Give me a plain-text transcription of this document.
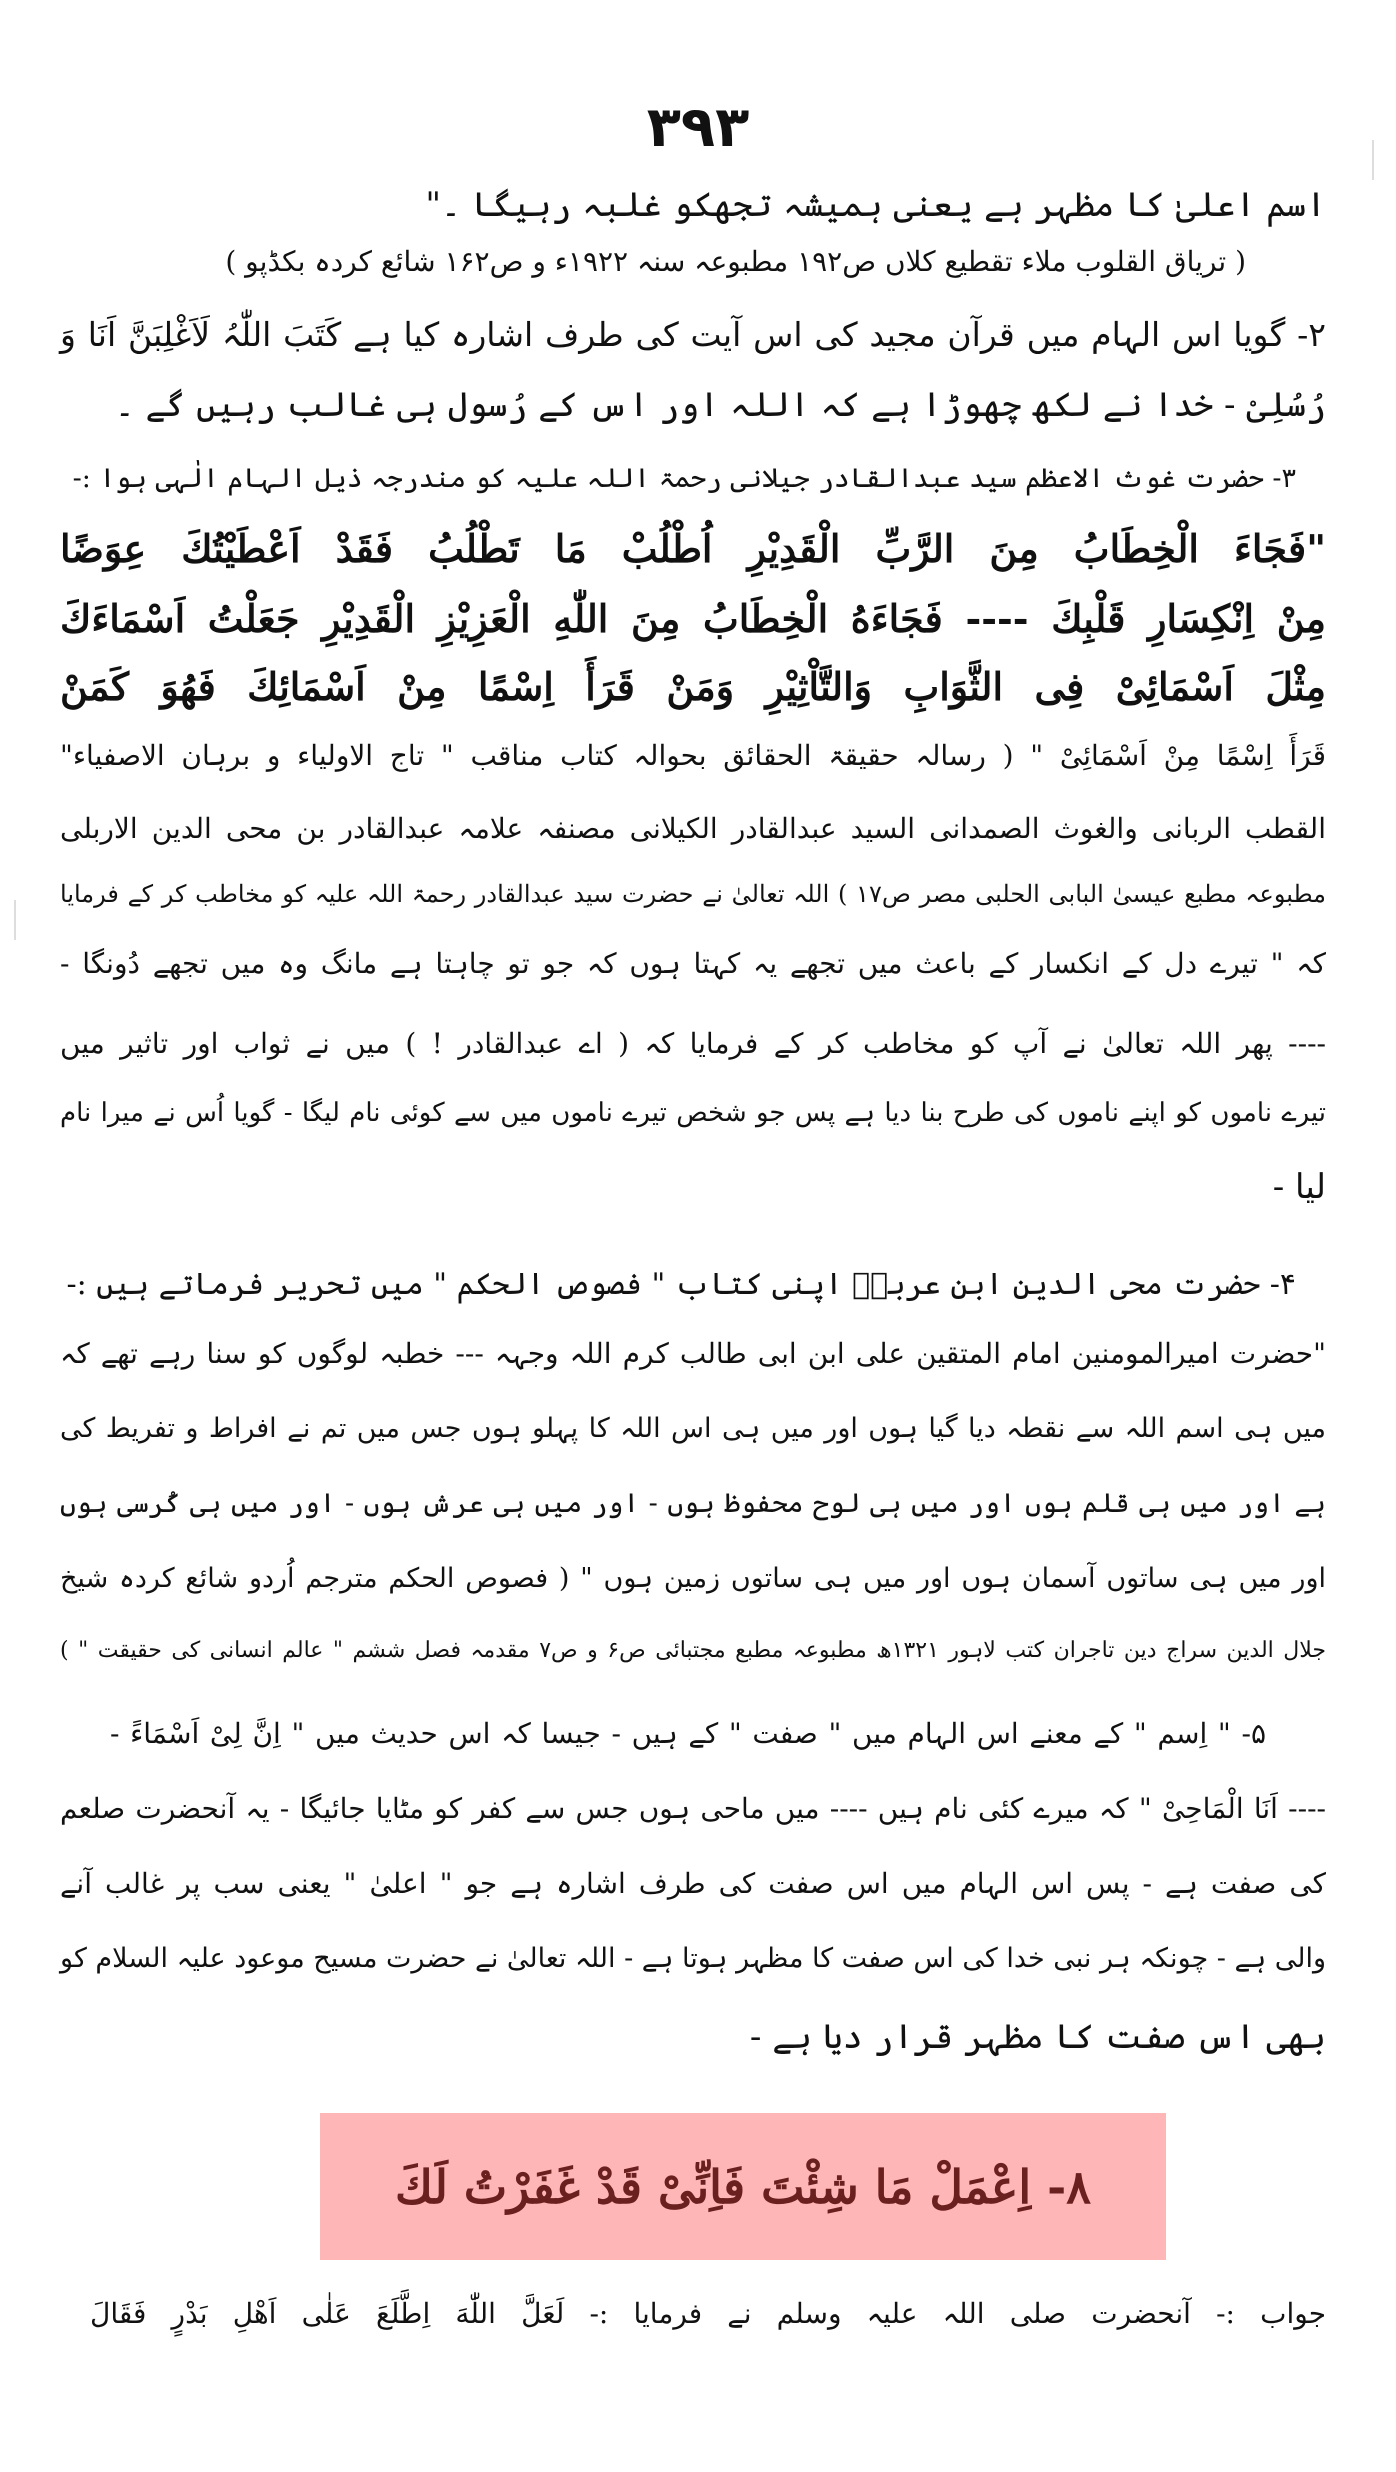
۳۹۳
اسم اعلیٰ کا مظہر ہے یعنی ہمیشہ تجھکو غلبہ رہیگا ۔"
( تریاق القلوب ملاء تقطیع کلاں ص۱۹۲ مطبوعہ سنہ ۱۹۲۲ء و ص۱۶۲ شائع کردہ بکڈپو )
۲- گویا اس الہام میں قرآن مجید کی اس آیت کی طرف اشارہ کیا ہے کَتَبَ اللّٰہُ لَاَغْلِبَنَّ اَنَا وَ
رُسُلِیْ - خدا نے لکھ چھوڑا ہے کہ اللہ اور اس کے رُسول ہی غالب رہیں گے ۔
۳- حضرت غوث الاعظم سید عبدالقادر جیلانی رحمۃ اللہ علیہ کو مندرجہ ذیل الہام الٰہی ہوا :-
"فَجَاءَ الْخِطَابُ مِنَ الرَّبِّ الْقَدِیْرِ اُطْلُبْ مَا تَطْلُبُ فَقَدْ اَعْطَیْتُكَ عِوَضًا
مِنْ اِنْكِسَارِ قَلْبِكَ ---- فَجَاءَهُ الْخِطَابُ مِنَ اللّٰهِ الْعَزِیْزِ الْقَدِیْرِ جَعَلْتُ اَسْمَاءَكَ
مِثْلَ اَسْمَائِیْ فِی الثَّوَابِ وَالتَّاْثِیْرِ وَمَنْ قَرَأَ اِسْمًا مِنْ اَسْمَائِكَ فَهُوَ كَمَنْ
قَرَأَ اِسْمًا مِنْ اَسْمَائِیْ " ( رسالہ حقیقۃ الحقائق بحوالہ کتاب مناقب " تاج الاولیاء و برہان الاصفیاء"
القطب الربانی والغوث الصمدانی السید عبدالقادر الکیلانی مصنفہ علامہ عبدالقادر بن محی الدین الاربلی
مطبوعہ مطبع عیسیٰ البابی الحلبی مصر ص۱۷ ) اللہ تعالیٰ نے حضرت سید عبدالقادر رحمۃ اللہ علیہ کو مخاطب کر کے فرمایا
کہ " تیرے دل کے انکسار کے باعث میں تجھے یہ کہتا ہوں کہ جو تو چاہتا ہے مانگ وہ میں تجھے دُونگا -
---- پھر اللہ تعالیٰ نے آپ کو مخاطب کر کے فرمایا کہ ( اے عبدالقادر ! ) میں نے ثواب اور تاثیر میں
تیرے ناموں کو اپنے ناموں کی طرح بنا دیا ہے پس جو شخص تیرے ناموں میں سے کوئی نام لیگا - گویا اُس نے میرا نام
لیا -
۴- حضرت محی الدین ابن عربیؒ اپنی کتاب " فصوص الحکم " میں تحریر فرماتے ہیں :-
"حضرت امیرالمومنین امام المتقین علی ابن ابی طالب کرم اللہ وجہہ --- خطبہ لوگوں کو سنا رہے تھے کہ
میں ہی اسم اللہ سے نقطہ دیا گیا ہوں اور میں ہی اس اللہ کا پہلو ہوں جس میں تم نے افراط و تفریط کی
ہے اور میں ہی قلم ہوں اور میں ہی لوح محفوظ ہوں - اور میں ہی عرش ہوں - اور میں ہی کُرسی ہوں
اور میں ہی ساتوں آسمان ہوں اور میں ہی ساتوں زمین ہوں " ( فصوص الحکم مترجم اُردو شائع کردہ شیخ
جلال الدین سراج دین تاجران کتب لاہور ۱۳۲۱ھ مطبوعہ مطبع مجتبائی ص۶ و ص۷ مقدمہ فصل ششم " عالم انسانی کی حقیقت " )
۵- " اِسم " کے معنے اس الہام میں " صفت " کے ہیں - جیسا کہ اس حدیث میں " اِنَّ لِیْ اَسْمَاءً -
---- اَنَا الْمَاحِیْ " کہ میرے کئی نام ہیں ---- میں ماحی ہوں جس سے کفر کو مٹایا جائیگا - یہ آنحضرت صلعم
کی صفت ہے - پس اس الہام میں اس صفت کی طرف اشارہ ہے جو " اعلیٰ " یعنی سب پر غالب آنے
والی ہے - چونکہ ہر نبی خدا کی اس صفت کا مظہر ہوتا ہے - اللہ تعالیٰ نے حضرت مسیح موعود علیہ السلام کو
بھی اس صفت کا مظہر قرار دیا ہے -
۸- اِعْمَلْ مَا شِئْتَ فَاِنِّیْ قَدْ غَفَرْتُ لَكَ
جواب :- آنحضرت صلی اللہ علیہ وسلم نے فرمایا :- لَعَلَّ اللّٰهَ اِطَّلَعَ عَلٰی اَهْلِ بَدْرٍ فَقَالَ
